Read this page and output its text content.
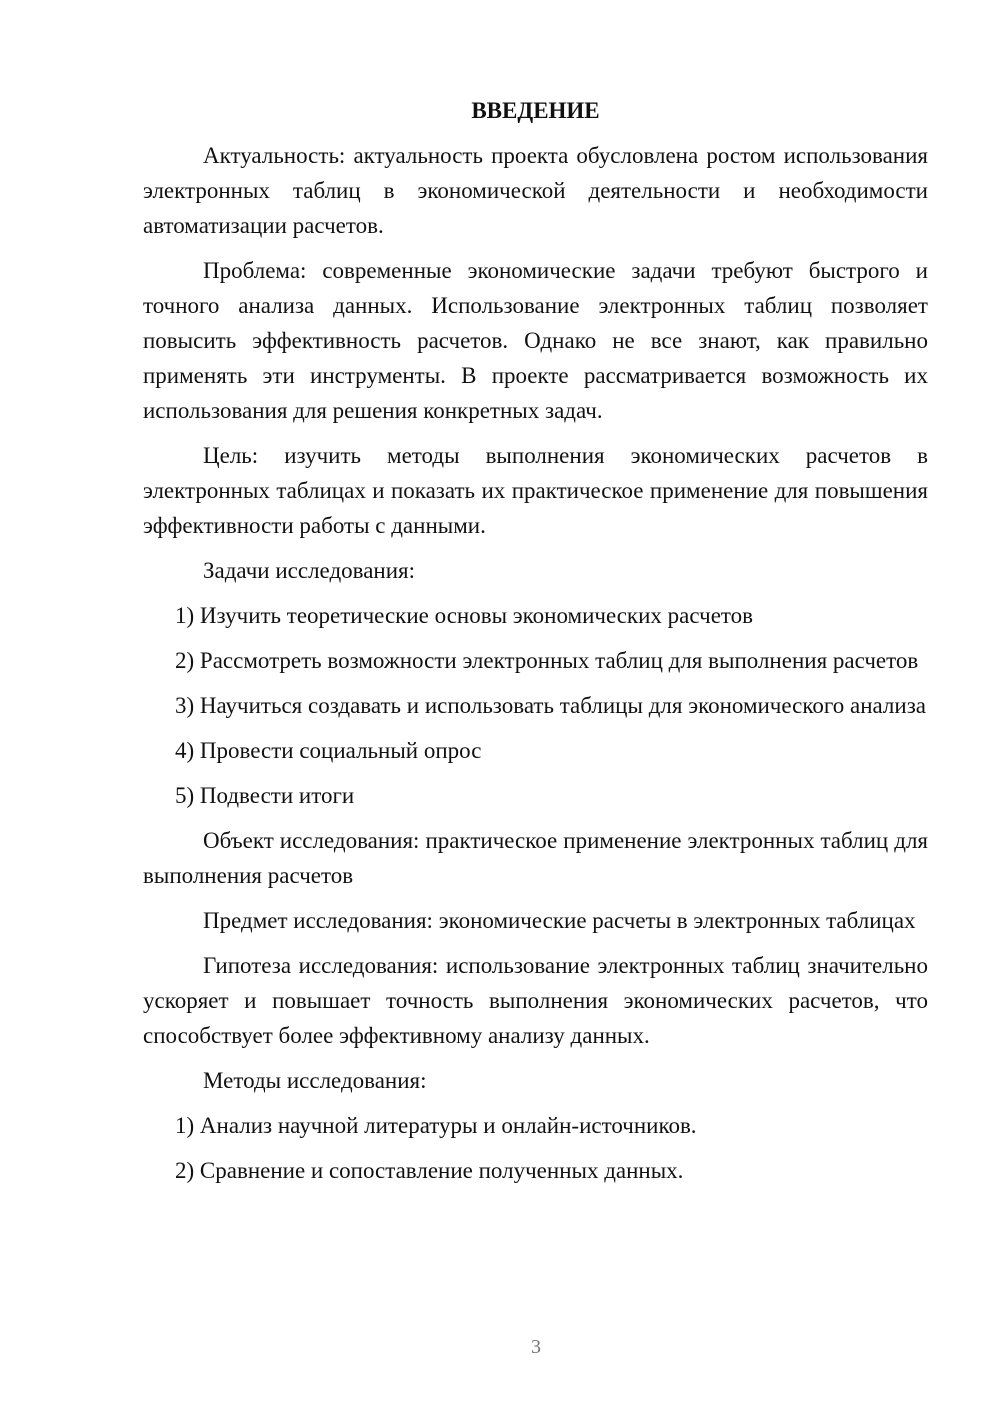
ВВЕДЕНИЕ

Актуальность: актуальность проекта обусловлена ростом использования электронных таблиц в экономической деятельности и необходимости автоматизации расчетов.

Проблема: современные экономические задачи требуют быстрого и точного анализа данных. Использование электронных таблиц позволяет повысить эффективность расчетов. Однако не все знают, как правильно применять эти инструменты. В проекте рассматривается возможность их использования для решения конкретных задач.

Цель: изучить методы выполнения экономических расчетов в электронных таблицах и показать их практическое применение для повышения эффективности работы с данными.

Задачи исследования:

1) Изучить теоретические основы экономических расчетов

2) Рассмотреть возможности электронных таблиц для выполнения расчетов

3) Научиться создавать и использовать таблицы для экономического анализа

4) Провести социальный опрос

5) Подвести итоги

Объект исследования: практическое применение электронных таблиц для выполнения расчетов

Предмет исследования: экономические расчеты в электронных таблицах

Гипотеза исследования: использование электронных таблиц значительно ускоряет и повышает точность выполнения экономических расчетов, что способствует более эффективному анализу данных.

Методы исследования:

1) Анализ научной литературы и онлайн-источников.

2) Сравнение и сопоставление полученных данных.

3
